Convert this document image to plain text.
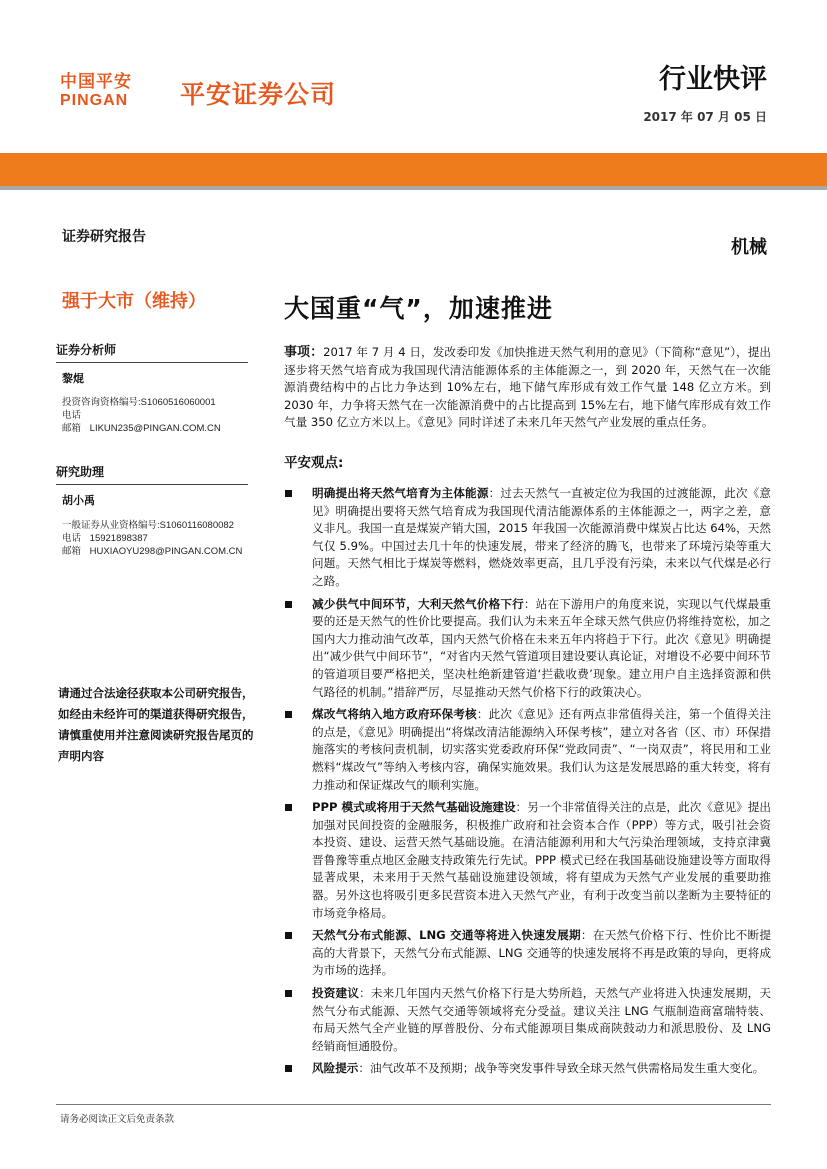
中国平安
PINGAN 平安证券公司	行业快评
2017 年 07 月 05 日
证券研究报告	机械
强于大市（维持）
证券分析师
黎焜
投资咨询资格编号:S1060516060001
电话
邮箱 LIKUN235@PINGAN.COM.CN
研究助理
胡小禹
一般证券从业资格编号:S1060116080082
电话 15921898387
邮箱 HUXIAOYU298@PINGAN.COM.CN
请通过合法途径获取本公司研究报告，如经由未经许可的渠道获得研究报告，请慎重使用并注意阅读研究报告尾页的声明内容
大国重“气”，加速推进
事项：2017 年 7 月 4 日，发改委印发《加快推进天然气利用的意见》（下简称“意见”），提出逐步将天然气培育成为我国现代清洁能源体系的主体能源之一，到 2020 年，天然气在一次能源消费结构中的占比力争达到 10%左右，地下储气库形成有效工作气量 148 亿立方米。到 2030 年，力争将天然气在一次能源消费中的占比提高到 15%左右，地下储气库形成有效工作气量 350 亿立方米以上。《意见》同时详述了未来几年天然气产业发展的重点任务。
平安观点:
明确提出将天然气培育为主体能源：过去天然气一直被定位为我国的过渡能源，此次《意见》明确提出要将天然气培育成为我国现代清洁能源体系的主体能源之一，两字之差，意义非凡。我国一直是煤炭产销大国，2015 年我国一次能源消费中煤炭占比达 64%，天然气仅 5.9%。中国过去几十年的快速发展，带来了经济的腾飞，也带来了环境污染等重大问题。天然气相比于煤炭等燃料，燃烧效率更高，且几乎没有污染，未来以气代煤是必行之路。
减少供气中间环节，大利天然气价格下行：站在下游用户的角度来说，实现以气代煤最重要的还是天然气的性价比要提高。我们认为未来五年全球天然气供应仍将维持宽松，加之国内大力推动油气改革，国内天然气价格在未来五年内将趋于下行。此次《意见》明确提出“减少供气中间环节”，“对省内天然气管道项目建设要认真论证，对增设不必要中间环节的管道项目要严格把关，坚决杜绝新建管道‘拦截收费’现象。建立用户自主选择资源和供气路径的机制。”措辞严厉，尽显推动天然气价格下行的政策决心。
煤改气将纳入地方政府环保考核：此次《意见》还有两点非常值得关注，第一个值得关注的点是，《意见》明确提出“将煤改清洁能源纳入环保考核”，建立对各省（区、市）环保措施落实的考核问责机制，切实落实党委政府环保“党政同责”、“一岗双责”，将民用和工业燃料“煤改气”等纳入考核内容，确保实施效果。我们认为这是发展思路的重大转变，将有力推动和保证煤改气的顺利实施。
PPP 模式或将用于天然气基础设施建设：另一个非常值得关注的点是，此次《意见》提出加强对民间投资的金融服务，积极推广政府和社会资本合作（PPP）等方式，吸引社会资本投资、建设、运营天然气基础设施。在清洁能源利用和大气污染治理领域，支持京津冀晋鲁豫等重点地区金融支持政策先行先试。PPP 模式已经在我国基础设施建设等方面取得显著成果，未来用于天然气基础设施建设领域，将有望成为天然气产业发展的重要助推器。另外这也将吸引更多民营资本进入天然气产业，有利于改变当前以垄断为主要特征的市场竞争格局。
天然气分布式能源、LNG 交通等将进入快速发展期：在天然气价格下行、性价比不断提高的大背景下，天然气分布式能源、LNG 交通等的快速发展将不再是政策的导向，更将成为市场的选择。
投资建议：未来几年国内天然气价格下行是大势所趋，天然气产业将进入快速发展期，天然气分布式能源、天然气交通等领域将充分受益。建议关注 LNG 气瓶制造商富瑞特装、布局天然气全产业链的厚普股份、分布式能源项目集成商陕鼓动力和派思股份、及 LNG 经销商恒通股份。
风险提示：油气改革不及预期；战争等突发事件导致全球天然气供需格局发生重大变化。
请务必阅读正文后免责条款
